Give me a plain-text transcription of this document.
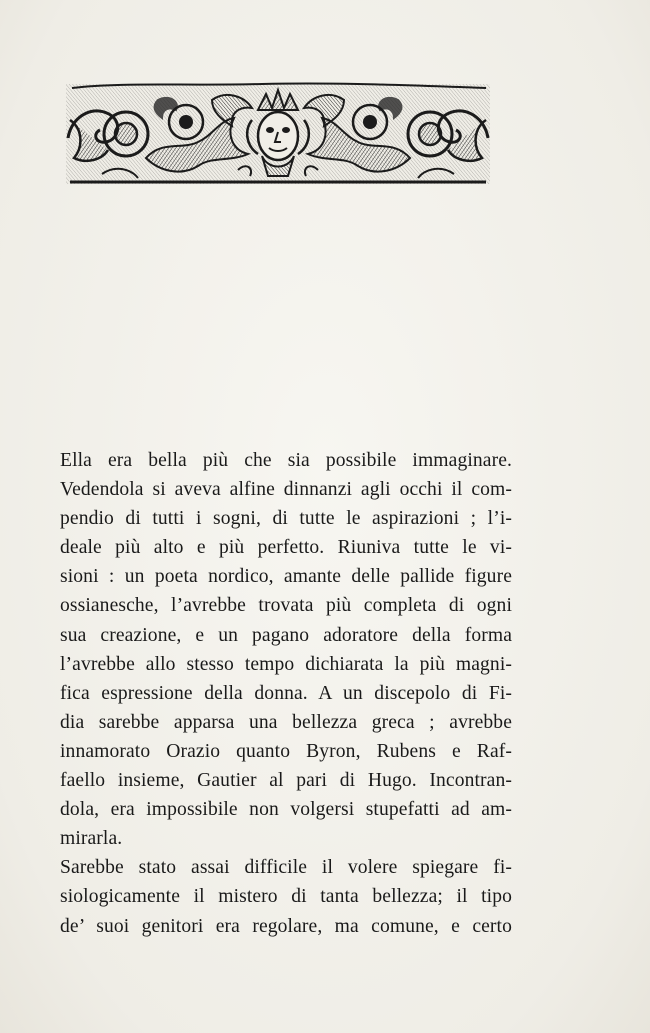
Ella era bella più che sia possibile immaginare.
Vedendola si aveva alfine dinnanzi agli occhi il com-
pendio di tutti i sogni, di tutte le aspirazioni ; l’i-
deale più alto e più perfetto. Riuniva tutte le vi-
sioni : un poeta nordico, amante delle pallide figure
ossianesche, l’avrebbe trovata più completa di ogni
sua creazione, e un pagano adoratore della forma
l’avrebbe allo stesso tempo dichiarata la più magni-
fica espressione della donna. A un discepolo di Fi-
dia sarebbe apparsa una bellezza greca ; avrebbe
innamorato Orazio quanto Byron, Rubens e Raf-
faello insieme, Gautier al pari di Hugo. Incontran-
dola, era impossibile non volgersi stupefatti ad am-
mirarla.
Sarebbe stato assai difficile il volere spiegare fi-
siologicamente il mistero di tanta bellezza; il tipo
de’ suoi genitori era regolare, ma comune, e certo
